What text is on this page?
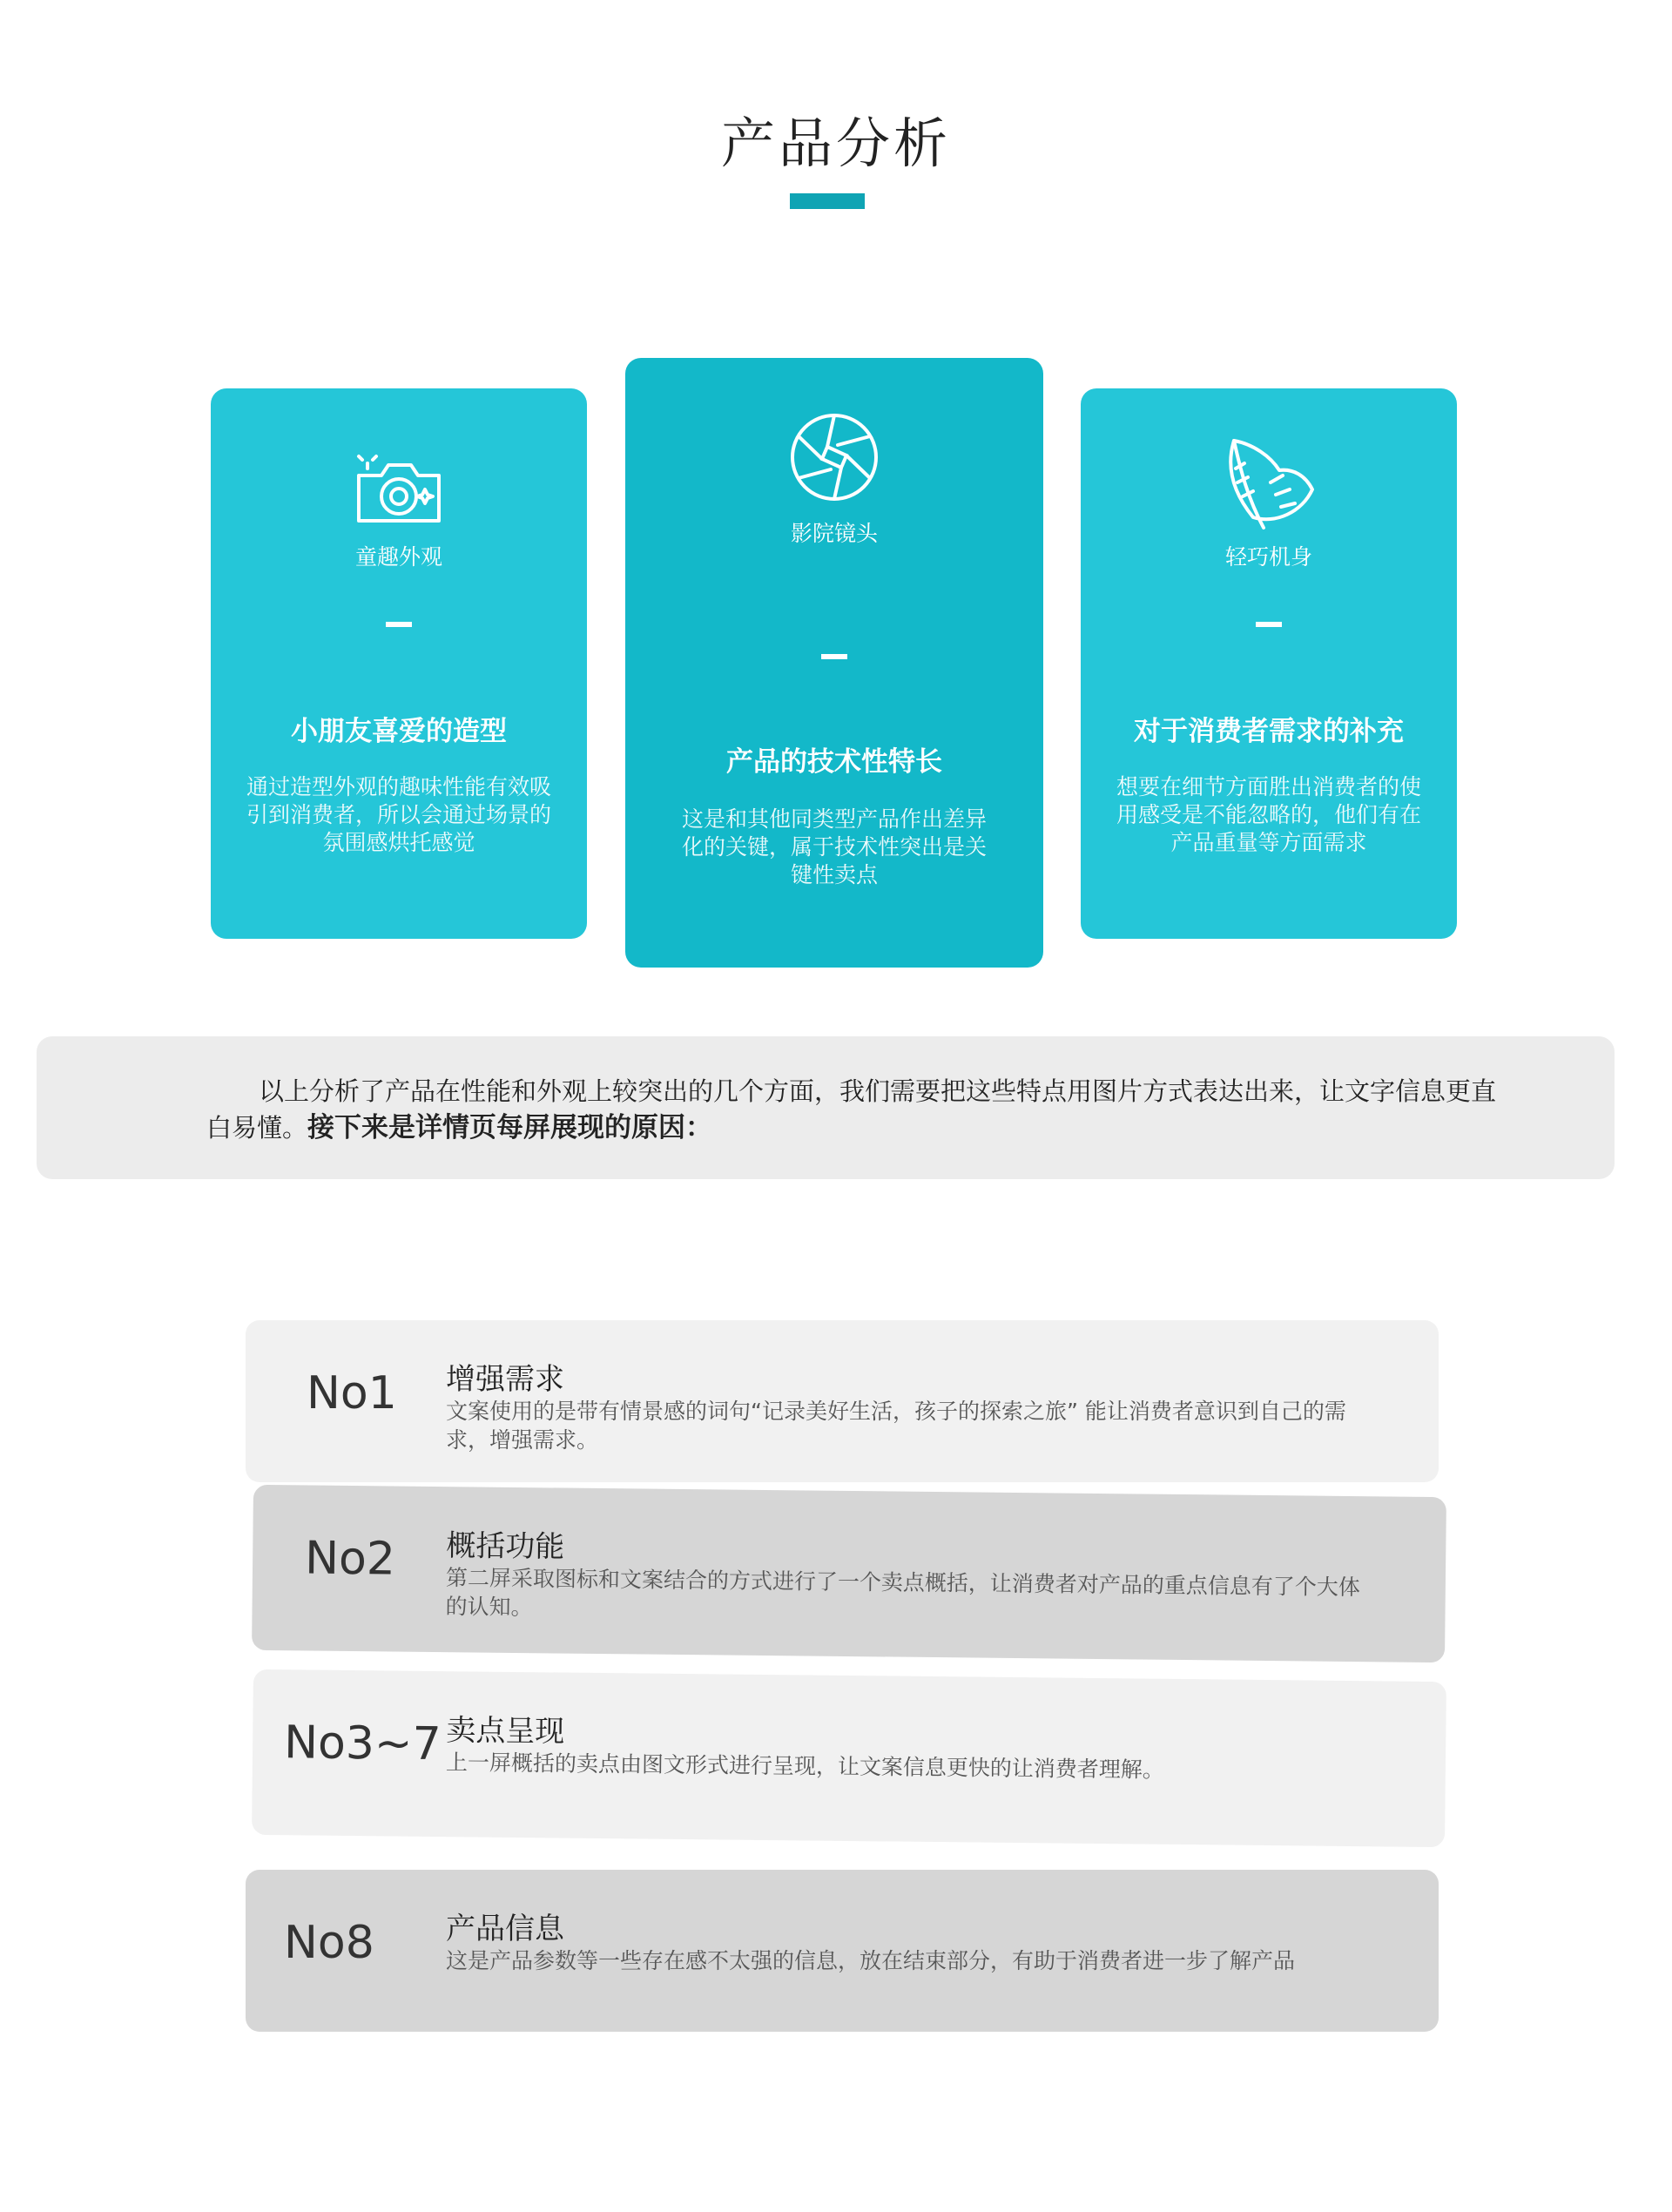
产品分析
童趣外观
小朋友喜爱的造型
通过造型外观的趣味性能有效吸引到消费者，所以会通过场景的氛围感烘托感觉
影院镜头
产品的技术性特长
这是和其他同类型产品作出差异化的关键，属于技术性突出是关键性卖点
轻巧机身
对于消费者需求的补充
想要在细节方面胜出消费者的使用感受是不能忽略的，他们有在产品重量等方面需求

以上分析了产品在性能和外观上较突出的几个方面，我们需要把这些特点用图片方式表达出来，让文字信息更直白易懂。接下来是详情页每屏展现的原因：

No1 增强需求
文案使用的是带有情景感的词句“记录美好生活，孩子的探索之旅” 能让消费者意识到自己的需求，增强需求。
No2 概括功能
第二屏采取图标和文案结合的方式进行了一个卖点概括，让消费者对产品的重点信息有了个大体的认知。
No3~7 卖点呈现
上一屏概括的卖点由图文形式进行呈现，让文案信息更快的让消费者理解。
No8 产品信息
这是产品参数等一些存在感不太强的信息，放在结束部分，有助于消费者进一步了解产品
